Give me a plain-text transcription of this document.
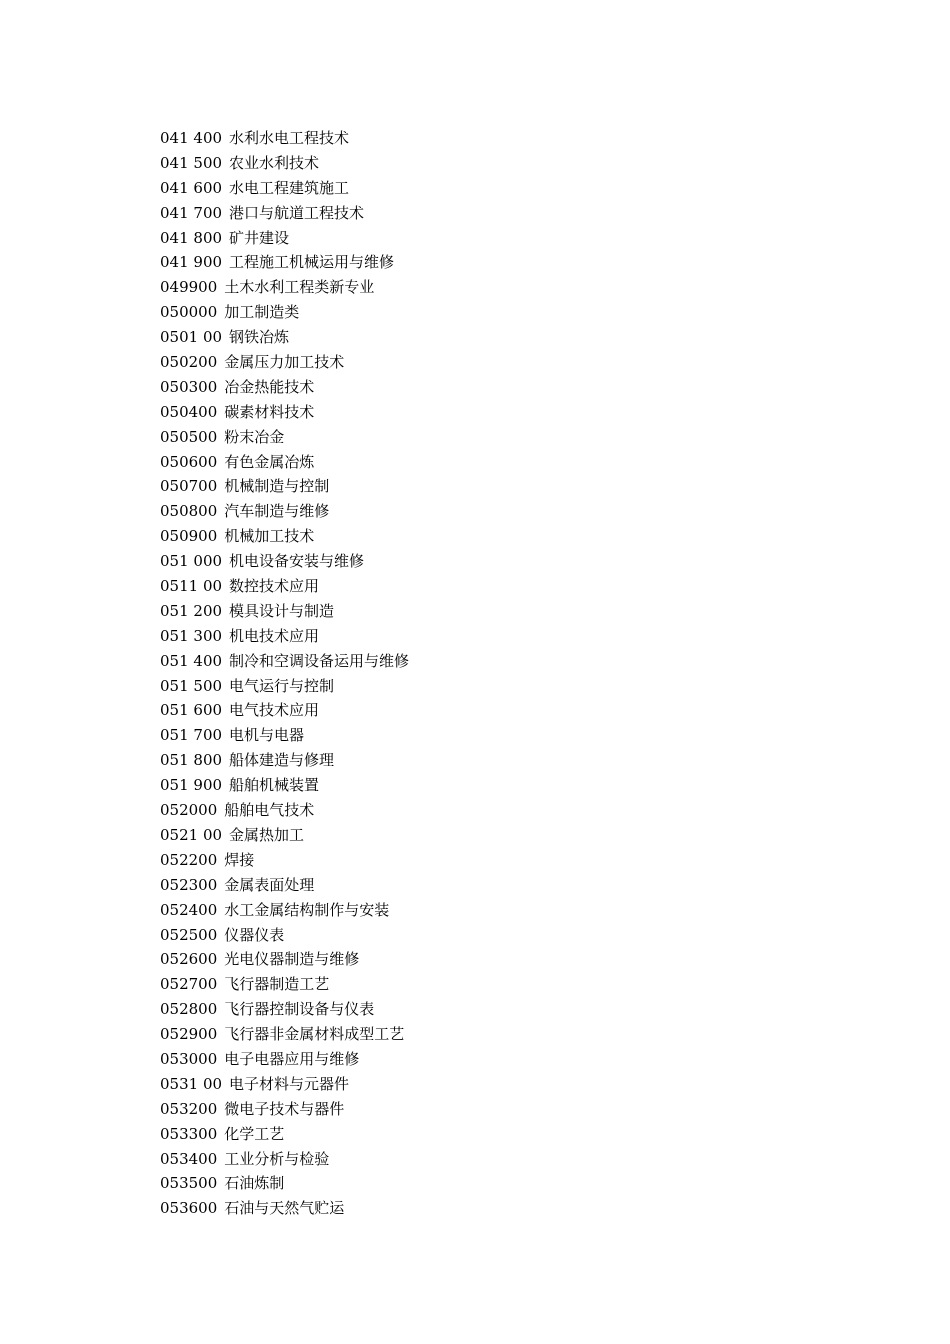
041 400 水利水电工程技术
041 500 农业水利技术
041 600 水电工程建筑施工
041 700 港口与航道工程技术
041 800 矿井建设
041 900 工程施工机械运用与维修
049900 土木水利工程类新专业
050000 加工制造类
0501 00 钢铁冶炼
050200 金属压力加工技术
050300 冶金热能技术
050400 碳素材料技术
050500 粉末冶金
050600 有色金属冶炼
050700 机械制造与控制
050800 汽车制造与维修
050900 机械加工技术
051 000 机电设备安装与维修
0511 00 数控技术应用
051 200 模具设计与制造
051 300 机电技术应用
051 400 制冷和空调设备运用与维修
051 500 电气运行与控制
051 600 电气技术应用
051 700 电机与电器
051 800 船体建造与修理
051 900 船舶机械装置
052000 船舶电气技术
0521 00 金属热加工
052200 焊接
052300 金属表面处理
052400 水工金属结构制作与安装
052500 仪器仪表
052600 光电仪器制造与维修
052700 飞行器制造工艺
052800 飞行器控制设备与仪表
052900 飞行器非金属材料成型工艺
053000 电子电器应用与维修
0531 00 电子材料与元器件
053200 微电子技术与器件
053300 化学工艺
053400 工业分析与检验
053500 石油炼制
053600 石油与天然气贮运
